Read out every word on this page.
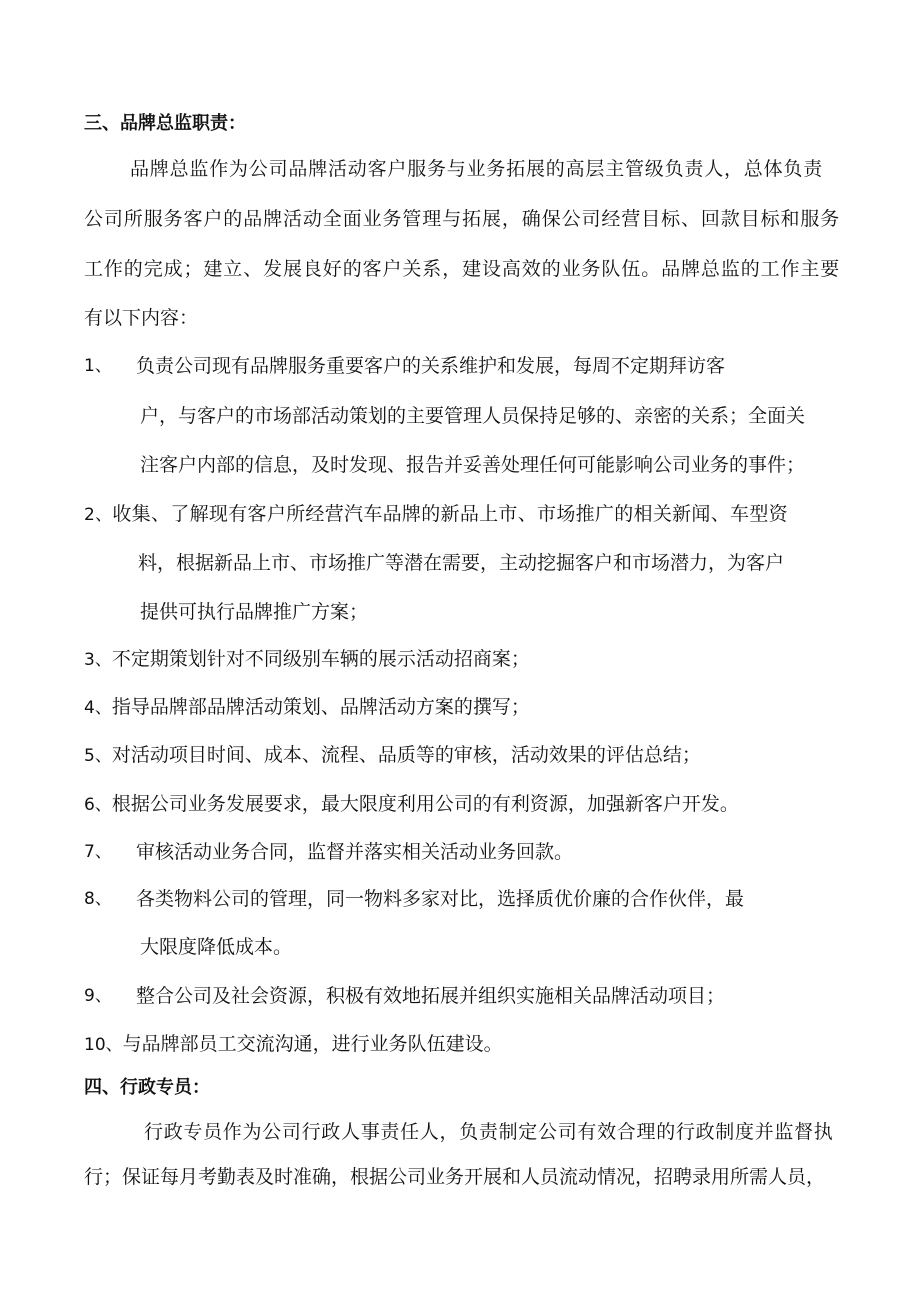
三、品牌总监职责：
品牌总监作为公司品牌活动客户服务与业务拓展的高层主管级负责人，总体负责
公司所服务客户的品牌活动全面业务管理与拓展，确保公司经营目标、回款目标和服务
工作的完成；建立、发展良好的客户关系，建设高效的业务队伍。品牌总监的工作主要
有以下内容：
1、 负责公司现有品牌服务重要客户的关系维护和发展，每周不定期拜访客
户，与客户的市场部活动策划的主要管理人员保持足够的、亲密的关系；全面关
注客户内部的信息，及时发现、报告并妥善处理任何可能影响公司业务的事件；
2、收集、了解现有客户所经营汽车品牌的新品上市、市场推广的相关新闻、车型资
料，根据新品上市、市场推广等潜在需要，主动挖掘客户和市场潜力，为客户
提供可执行品牌推广方案；
3、不定期策划针对不同级别车辆的展示活动招商案；
4、指导品牌部品牌活动策划、品牌活动方案的撰写；
5、对活动项目时间、成本、流程、品质等的审核，活动效果的评估总结；
6、根据公司业务发展要求，最大限度利用公司的有利资源，加强新客户开发。
7、 审核活动业务合同，监督并落实相关活动业务回款。
8、 各类物料公司的管理，同一物料多家对比，选择质优价廉的合作伙伴，最
大限度降低成本。
9、 整合公司及社会资源，积极有效地拓展并组织实施相关品牌活动项目；
10、与品牌部员工交流沟通，进行业务队伍建设。
四、行政专员：
行政专员作为公司行政人事责任人，负责制定公司有效合理的行政制度并监督执
行；保证每月考勤表及时准确，根据公司业务开展和人员流动情况，招聘录用所需人员，
